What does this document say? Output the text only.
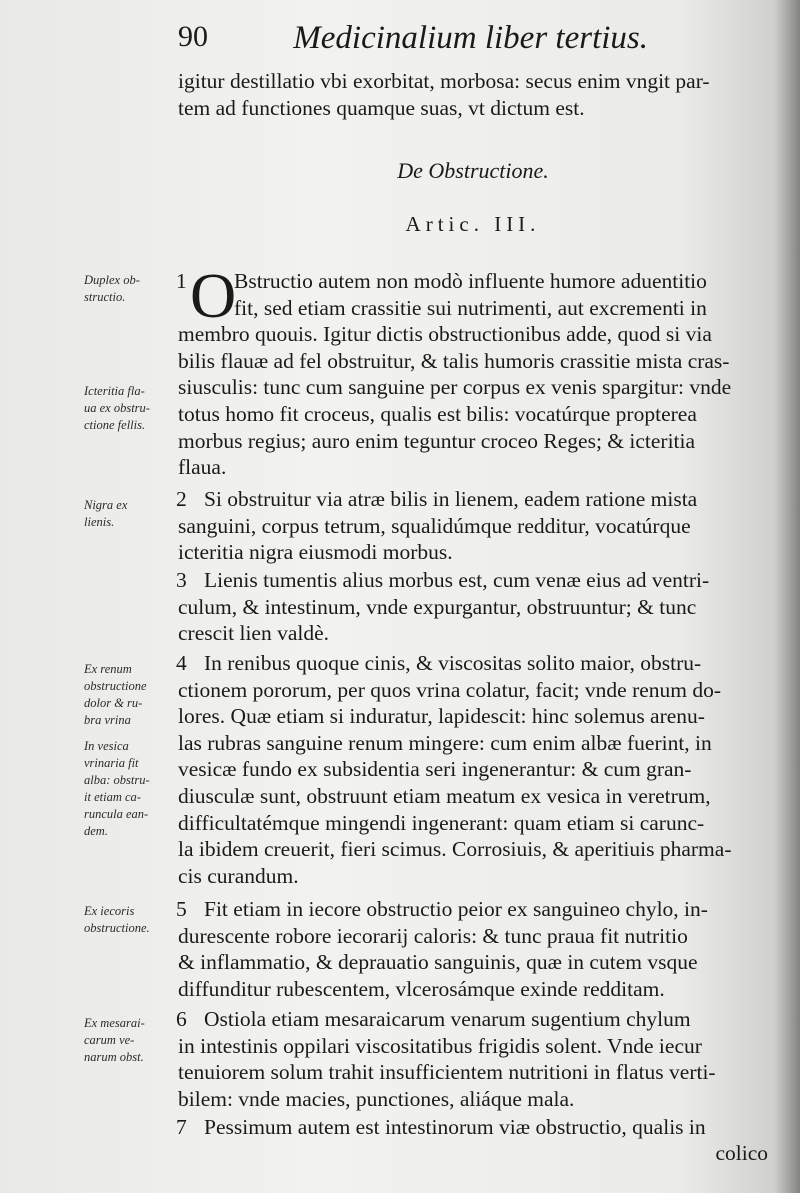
90	Medicinalium liber tertius.
igitur destillatio vbi exorbitat, morbosa: secus enim vngit par-
tem ad functiones quamque suas, vt dictum est.
De Obstructione.
Artic. III.
1 O
Bstructio autem non modò influente humore aduentitio
fit, sed etiam crassitie sui nutrimenti, aut excrementi in
membro quouis. Igitur dictis obstructionibus adde, quod si via
bilis flauæ ad fel obstruitur, & talis humoris crassitie mista cras-
siusculis: tunc cum sanguine per corpus ex venis spargitur: vnde
totus homo fit croceus, qualis est bilis: vocatúrque propterea
morbus regius; auro enim teguntur croceo Reges; & icteritia
flaua.
2 Si obstruitur via atræ bilis in lienem, eadem ratione mista
sanguini, corpus tetrum, squalidúmque redditur, vocatúrque
icteritia nigra eiusmodi morbus.
3 Lienis tumentis alius morbus est, cum venæ eius ad ventri-
culum, & intestinum, vnde expurgantur, obstruuntur; & tunc
crescit lien valdè.
4 In renibus quoque cinis, & viscositas solito maior, obstru-
ctionem pororum, per quos vrina colatur, facit; vnde renum do-
lores. Quæ etiam si induratur, lapidescit: hinc solemus arenu-
las rubras sanguine renum mingere: cum enim albæ fuerint, in
vesicæ fundo ex subsidentia seri ingenerantur: & cum gran-
diusculæ sunt, obstruunt etiam meatum ex vesica in veretrum,
difficultatémque mingendi ingenerant: quam etiam si carunc-
la ibidem creuerit, fieri scimus. Corrosiuis, & aperitiuis pharma-
cis curandum.
5 Fit etiam in iecore obstructio peior ex sanguineo chylo, in-
durescente robore iecorarij caloris: & tunc praua fit nutritio
& inflammatio, & deprauatio sanguinis, quæ in cutem vsque
diffunditur rubescentem, vlcerosámque exinde redditam.
6 Ostiola etiam mesaraicarum venarum sugentium chylum
in intestinis oppilari viscositatibus frigidis solent. Vnde iecur
tenuiorem solum trahit insufficientem nutritioni in flatus verti-
bilem: vnde macies, punctiones, aliáque mala.
7 Pessimum autem est intestinorum viæ obstructio, qualis in
colico
Duplex ob-
structio.
Icteritia fla-
ua ex obstru-
ctione fellis.
Nigra ex
lienis.
Ex renum
obstructione
dolor & ru-
bra vrina
In vesica
vrinaria fit
alba: obstru-
it etiam ca-
runcula ean-
dem.
Ex iecoris
obstructione.
Ex mesarai-
carum ve-
narum obst.
